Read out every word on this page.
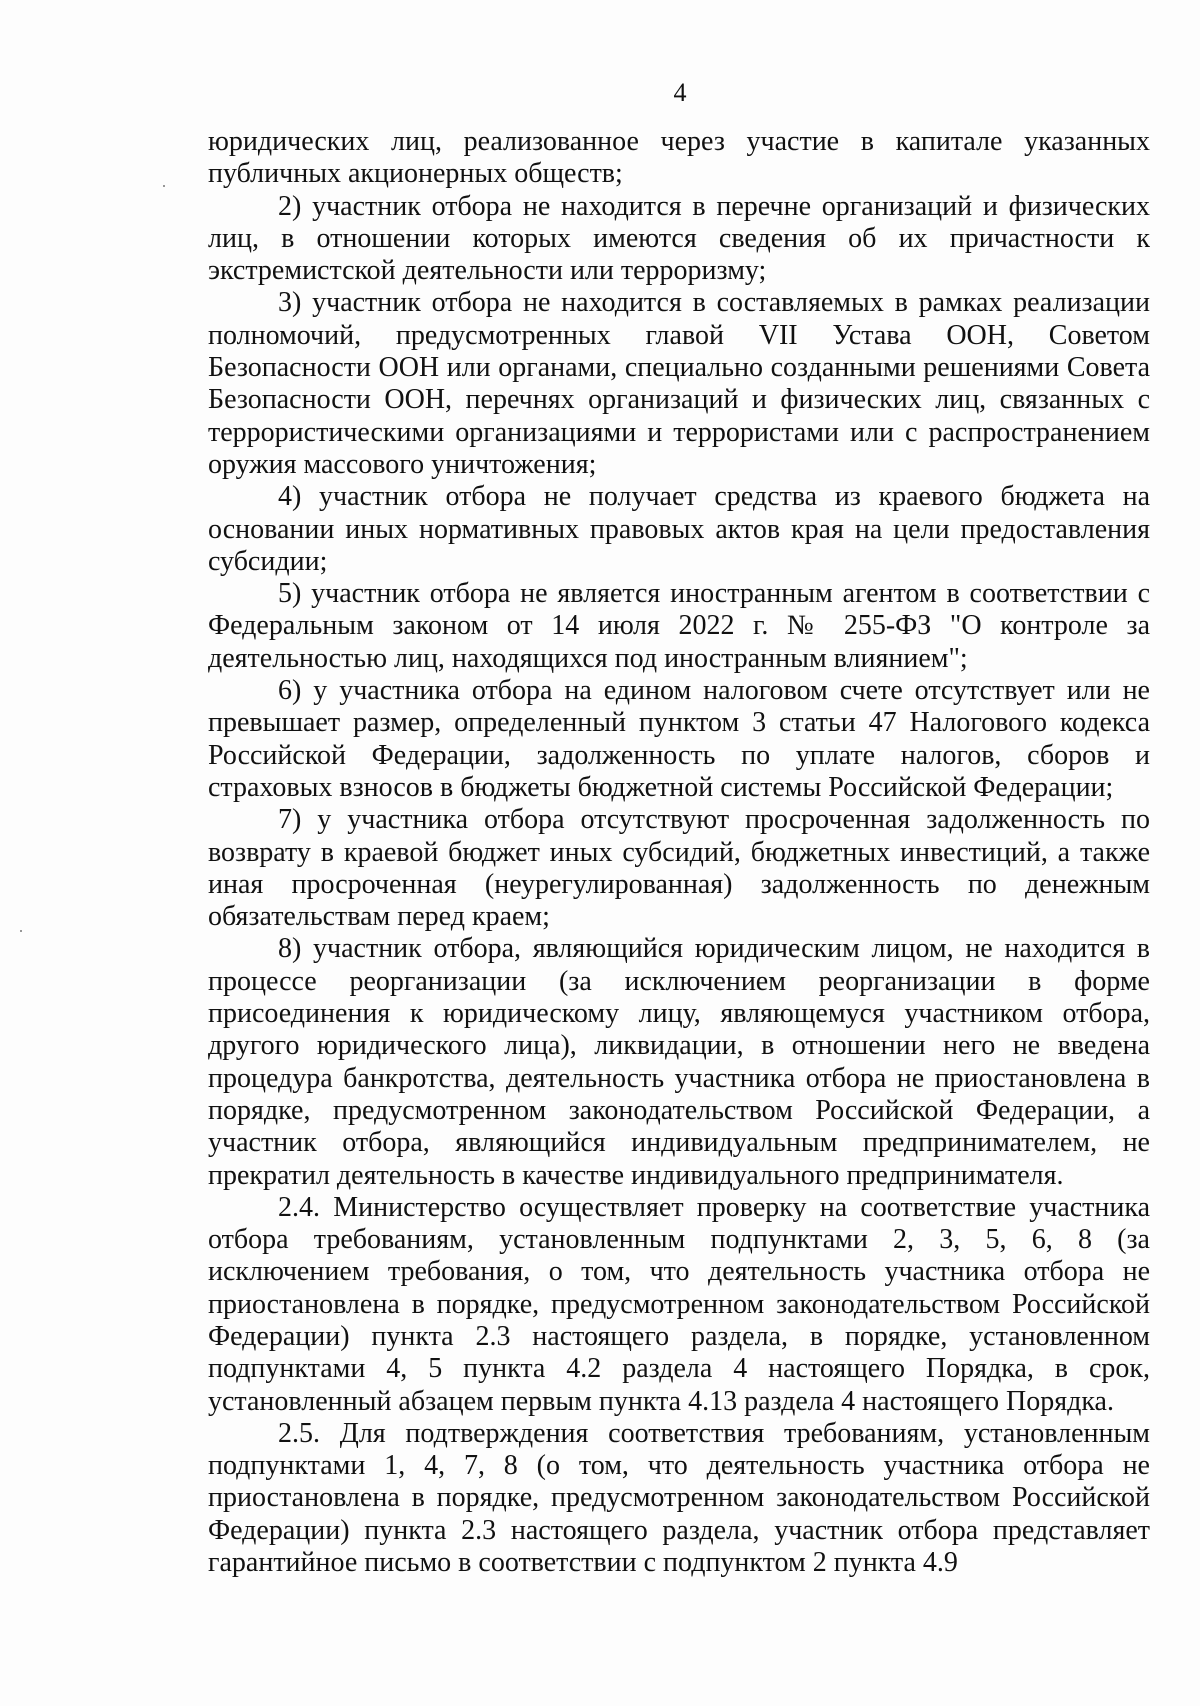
4

юридических лиц, реализованное через участие в капитале указанных публичных акционерных обществ;

2) участник отбора не находится в перечне организаций и физических лиц, в отношении которых имеются сведения об их причастности к экстремистской деятельности или терроризму;

3) участник отбора не находится в составляемых в рамках реализации полномочий, предусмотренных главой VII Устава ООН, Советом Безопасности ООН или органами, специально созданными решениями Совета Безопасности ООН, перечнях организаций и физических лиц, связанных с террористическими организациями и террористами или с распространением оружия массового уничтожения;

4) участник отбора не получает средства из краевого бюджета на основании иных нормативных правовых актов края на цели предоставления субсидии;

5) участник отбора не является иностранным агентом в соответствии с Федеральным законом от 14 июля 2022 г. № 255-ФЗ "О контроле за деятельностью лиц, находящихся под иностранным влиянием";

6) у участника отбора на едином налоговом счете отсутствует или не превышает размер, определенный пунктом 3 статьи 47 Налогового кодекса Российской Федерации, задолженность по уплате налогов, сборов и страховых взносов в бюджеты бюджетной системы Российской Федерации;

7) у участника отбора отсутствуют просроченная задолженность по возврату в краевой бюджет иных субсидий, бюджетных инвестиций, а также иная просроченная (неурегулированная) задолженность по денежным обязательствам перед краем;

8) участник отбора, являющийся юридическим лицом, не находится в процессе реорганизации (за исключением реорганизации в форме присоединения к юридическому лицу, являющемуся участником отбора, другого юридического лица), ликвидации, в отношении него не введена процедура банкротства, деятельность участника отбора не приостановлена в порядке, предусмотренном законодательством Российской Федерации, а участник отбора, являющийся индивидуальным предпринимателем, не прекратил деятельность в качестве индивидуального предпринимателя.

2.4. Министерство осуществляет проверку на соответствие участника отбора требованиям, установленным подпунктами 2, 3, 5, 6, 8 (за исключением требования, о том, что деятельность участника отбора не приостановлена в порядке, предусмотренном законодательством Российской Федерации) пункта 2.3 настоящего раздела, в порядке, установленном подпунктами 4, 5 пункта 4.2 раздела 4 настоящего Порядка, в срок, установленный абзацем первым пункта 4.13 раздела 4 настоящего Порядка.

2.5. Для подтверждения соответствия требованиям, установленным подпунктами 1, 4, 7, 8 (о том, что деятельность участника отбора не приостановлена в порядке, предусмотренном законодательством Российской Федерации) пункта 2.3 настоящего раздела, участник отбора представляет гарантийное письмо в соответствии с подпунктом 2 пункта 4.9
